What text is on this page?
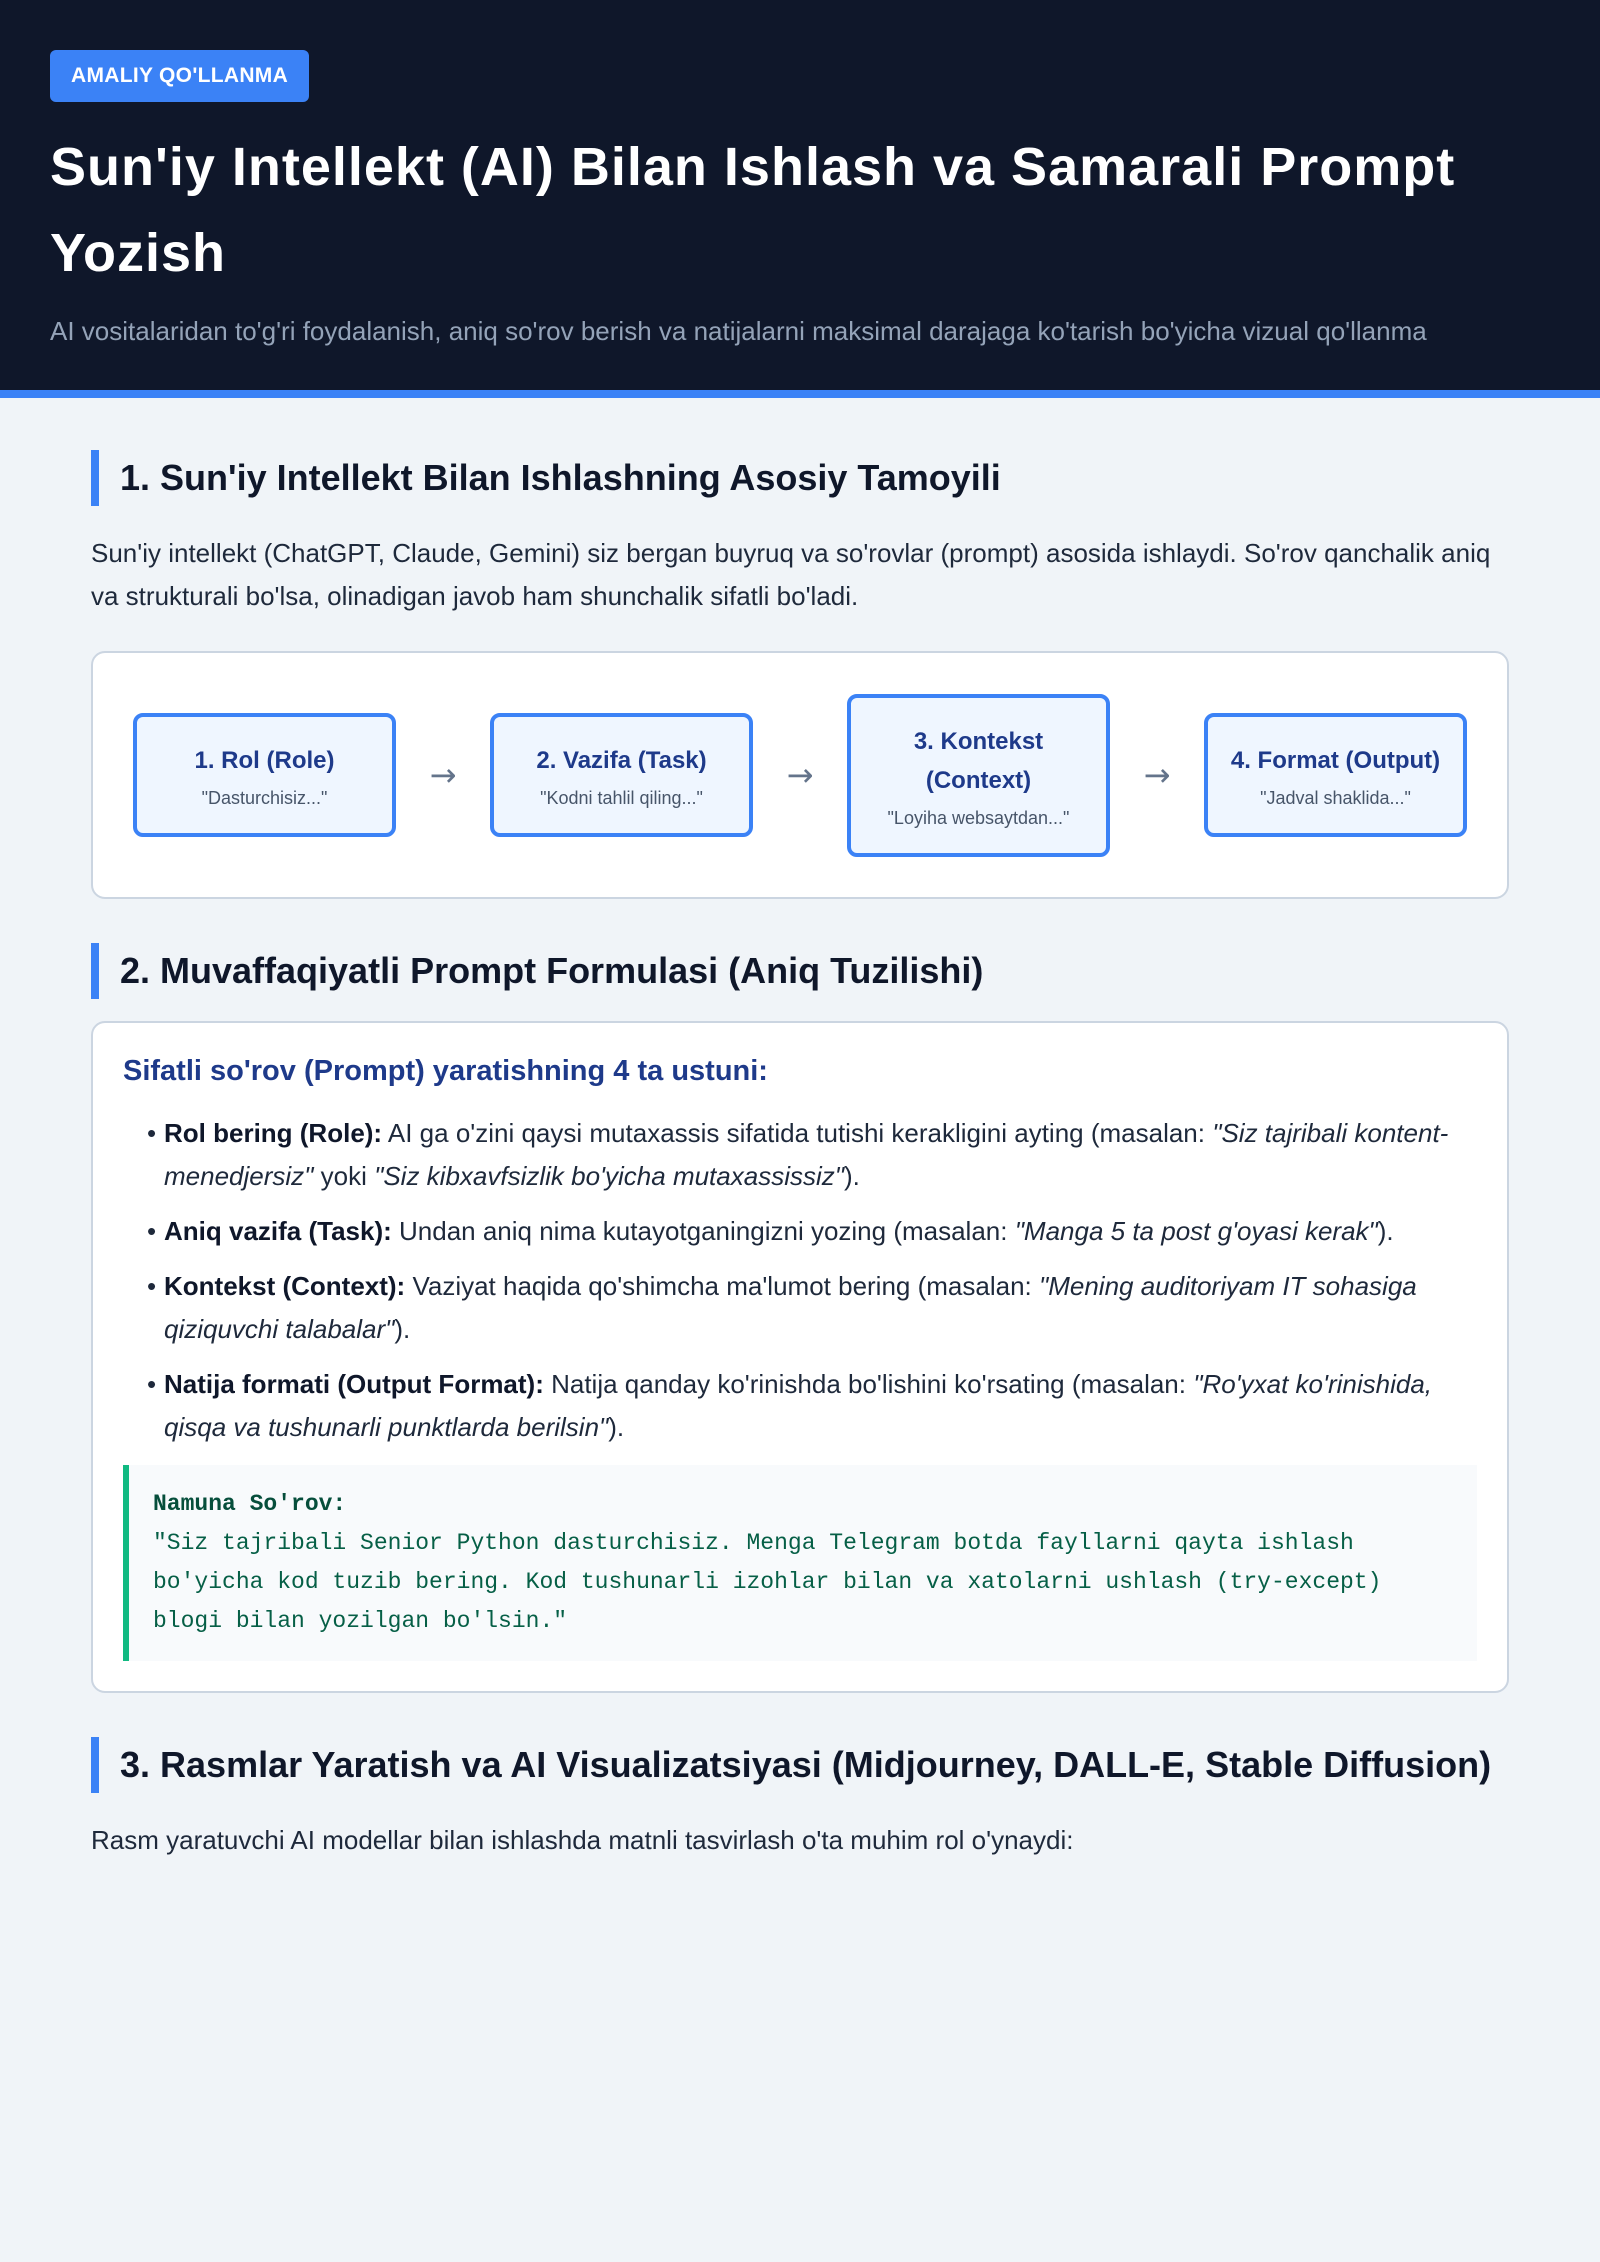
AMALIY QO'LLANMA
Sun'iy Intellekt (AI) Bilan Ishlash va Samarali Prompt Yozish
AI vositalaridan to'g'ri foydalanish, aniq so'rov berish va natijalarni maksimal darajaga ko'tarish bo'yicha vizual qo'llanma
1. Sun'iy Intellekt Bilan Ishlashning Asosiy Tamoyili

Sun'iy intellekt (ChatGPT, Claude, Gemini) siz bergan buyruq va so'rovlar (prompt) asosida ishlaydi. So'rov qanchalik aniq va strukturali bo'lsa, olinadigan javob ham shunchalik sifatli bo'ladi.

1. Rol (Role)
"Dasturchisiz..."
→	2. Vazifa (Task)
"Kodni tahlil qiling..."
→
3. Kontekst (Context)
"Loyiha websaytdan..."
→	4. Format (Output)
"Jadval shaklida..."
2. Muvaffaqiyatli Prompt Formulasi (Aniq Tuzilishi)
Sifatli so'rov (Prompt) yaratishning 4 ta ustuni:
• Rol bering (Role): AI ga o'zini qaysi mutaxassis sifatida tutishi kerakligini ayting (masalan: "Siz tajribali kontent-menedjersiz" yoki "Siz kibxavfsizlik bo'yicha mutaxassissiz").
• Aniq vazifa (Task): Undan aniq nima kutayotganingizni yozing (masalan: "Manga 5 ta post g'oyasi kerak").
• Kontekst (Context): Vaziyat haqida qo'shimcha ma'lumot bering (masalan: "Mening auditoriyam IT sohasiga qiziquvchi talabalar").
• Natija formati (Output Format): Natija qanday ko'rinishda bo'lishini ko'rsating (masalan: "Ro'yxat ko'rinishida, qisqa va tushunarli punktlarda berilsin").
Namuna So'rov:
"Siz tajribali Senior Python dasturchisiz. Menga Telegram botda fayllarni qayta ishlash bo'yicha kod tuzib bering. Kod tushunarli izohlar bilan va xatolarni ushlash (try-except) blogi bilan yozilgan bo'lsin."
3. Rasmlar Yaratish va AI Visualizatsiyasi (Midjourney, DALL-E, Stable Diffusion)

Rasm yaratuvchi AI modellar bilan ishlashda matnli tasvirlash o'ta muhim rol o'ynaydi:
